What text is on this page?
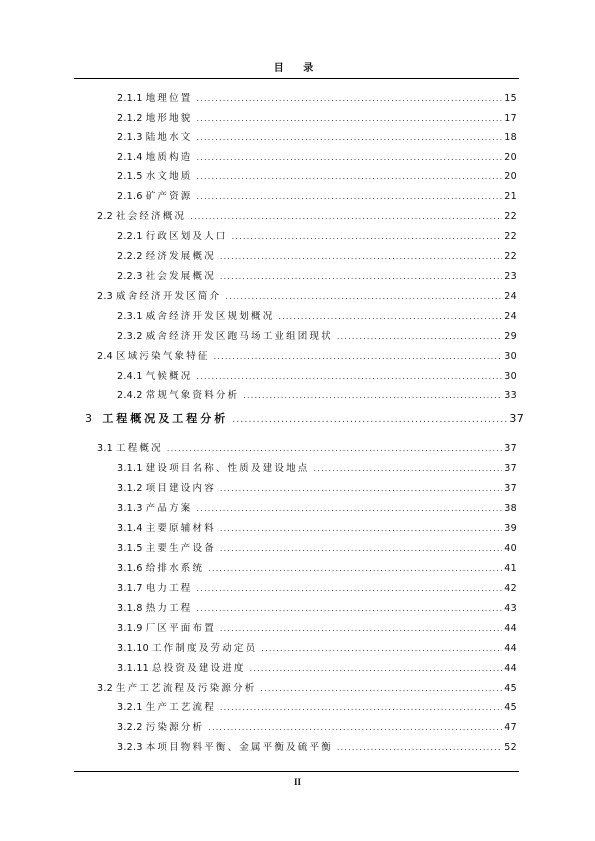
目 录
2.1.1 地理位置 .....	15
2.1.2 地形地貌 .....	17
2.1.3 陆地水文 .....	18
2.1.4 地质构造 .....	20
2.1.5 水文地质 .....	20
2.1.6 矿产资源 .....	21
2.2 社会经济概况 .....	22
2.2.1 行政区划及人口 .....	22
2.2.2 经济发展概况 .....	22
2.2.3 社会发展概况 .....	23
2.3 威舍经济开发区简介 .....	24
2.3.1 威舍经济开发区规划概况 .....	24
2.3.2 威舍经济开发区跑马场工业组团现状 .....	29
2.4 区域污染气象特征 .....	30
2.4.1 气候概况 .....	30
2.4.2 常规气象资料分析 .....	33
3 工程概况及工程分析 .....	37
3.1 工程概况 .....	37
3.1.1 建设项目名称、性质及建设地点 .....	37
3.1.2 项目建设内容 .....	37
3.1.3 产品方案 .....	38
3.1.4 主要原辅材料 .....	39
3.1.5 主要生产设备 .....	40
3.1.6 给排水系统 .....	41
3.1.7 电力工程 .....	42
3.1.8 热力工程 .....	43
3.1.9 厂区平面布置 .....	44
3.1.10 工作制度及劳动定员 .....	44
3.1.11 总投资及建设进度 .....	44
3.2 生产工艺流程及污染源分析 .....	45
3.2.1 生产工艺流程 .....	45
3.2.2 污染源分析 .....	47
3.2.3 本项目物料平衡、金属平衡及硫平衡 .....	52
II
